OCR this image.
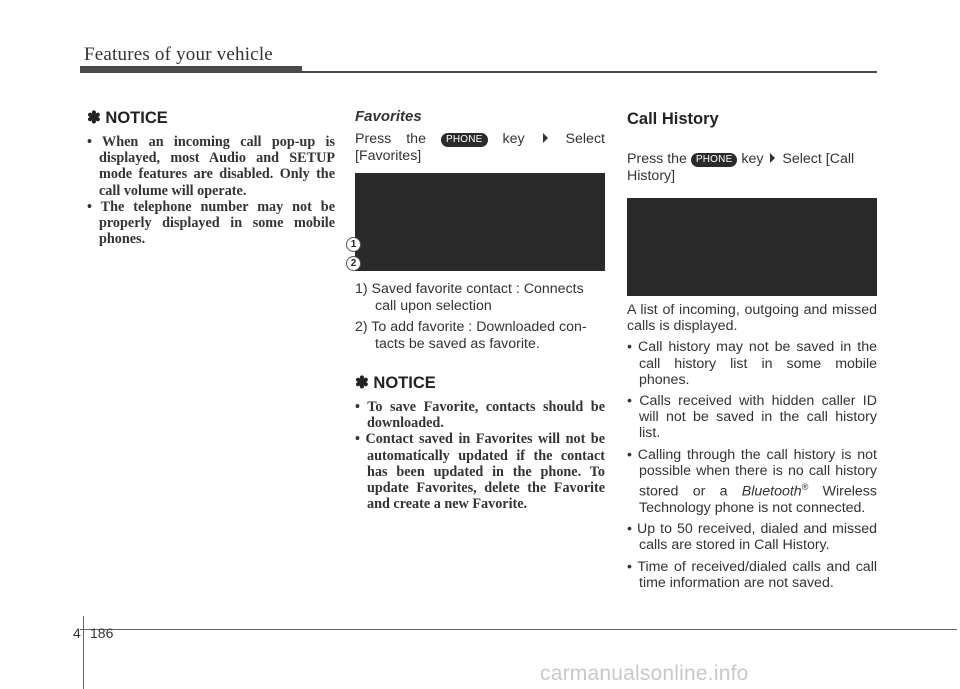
Features of your vehicle
✽ NOTICE
• When an incoming call pop-up is displayed, most Audio and SETUP mode features are disabled. Only the call volume will operate.
• The telephone number may not be properly displayed in some mobile phones.
Favorites
Press the PHONE key	Select [Favorites]
1) Saved favorite contact : Connects call upon selection
2) To add favorite : Downloaded con- tacts be saved as favorite.
✽ NOTICE
• To save Favorite, contacts should be downloaded.
• Contact saved in Favorites will not be automatically updated if the contact has been updated in the phone. To update Favorites, delete the Favorite and create a new Favorite.
1
2
Call History
Press the PHONE key Select [Call History]
A list of incoming, outgoing and missed calls is displayed.
• Call history may not be saved in the call history list in some mobile phones.
• Calls received with hidden caller ID will not be saved in the call history list.
• Calling through the call history is not possible when there is no call history stored or a Bluetooth® Wireless Technology phone is not connected.
• Up to 50 received, dialed and missed calls are stored in Call History.
• Time of received/dialed calls and call time information are not saved.
4 186
carmanualsonline.info
